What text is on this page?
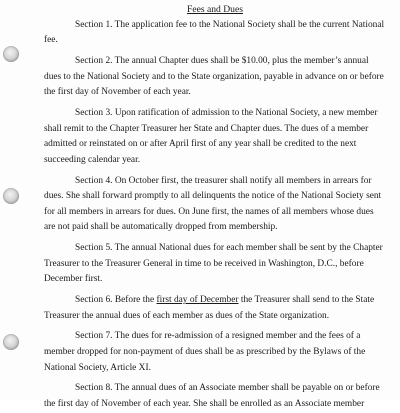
Fees and Dues

Section 1. The application fee to the National Society shall be the current National fee.

Section 2. The annual Chapter dues shall be $10.00, plus the member’s annual dues to the National Society and to the State organization, payable in advance on or before the first day of November of each year.

Section 3. Upon ratification of admission to the National Society, a new member shall remit to the Chapter Treasurer her State and Chapter dues. The dues of a member admitted or reinstated on or after April first of any year shall be credited to the next succeeding calendar year.

Section 4. On October first, the treasurer shall notify all members in arrears for dues. She shall forward promptly to all delinquents the notice of the National Society sent for all members in arrears for dues. On June first, the names of all members whose dues are not paid shall be automatically dropped from membership.

Section 5. The annual National dues for each member shall be sent by the Chapter Treasurer to the Treasurer General in time to be received in Washington, D.C., before December first.

Section 6. Before the first day of December the Treasurer shall send to the State Treasurer the annual dues of each member as dues of the State organization.

Section 7. The dues for re-admission of a resigned member and the fees of a member dropped for non-payment of dues shall be as prescribed by the Bylaws of the National Society, Article XI.

Section 8. The annual dues of an Associate member shall be payable on or before the first day of November of each year. She shall be enrolled as an Associate member
